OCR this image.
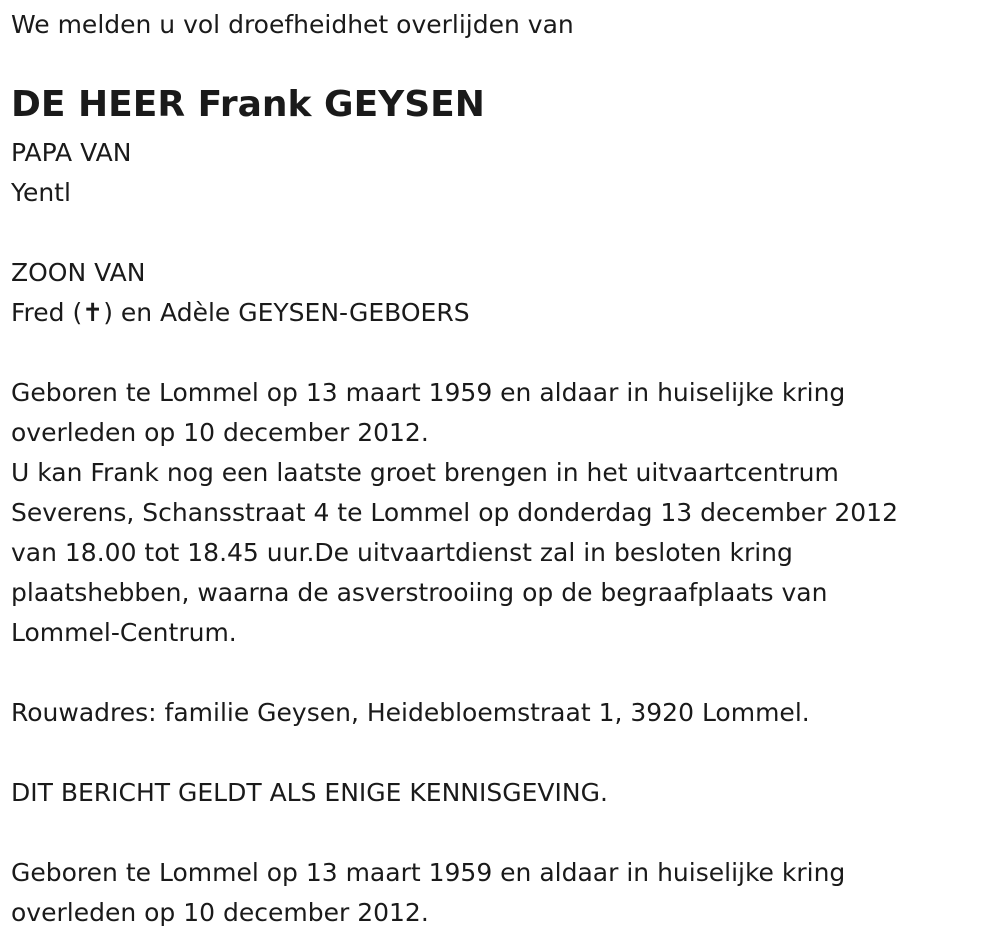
We melden u vol droefheidhet overlijden van
DE HEER Frank GEYSEN
PAPA VAN
Yentl
ZOON VAN
Fred (✝) en Adèle GEYSEN-GEBOERS
Geboren te Lommel op 13 maart 1959 en aldaar in huiselijke kring
overleden op 10 december 2012.
U kan Frank nog een laatste groet brengen in het uitvaartcentrum
Severens, Schansstraat 4 te Lommel op donderdag 13 december 2012
van 18.00 tot 18.45 uur.De uitvaartdienst zal in besloten kring
plaatshebben, waarna de asverstrooiing op de begraafplaats van
Lommel-Centrum.
Rouwadres: familie Geysen, Heidebloemstraat 1, 3920 Lommel.
DIT BERICHT GELDT ALS ENIGE KENNISGEVING.
Geboren te Lommel op 13 maart 1959 en aldaar in huiselijke kring
overleden op 10 december 2012.
